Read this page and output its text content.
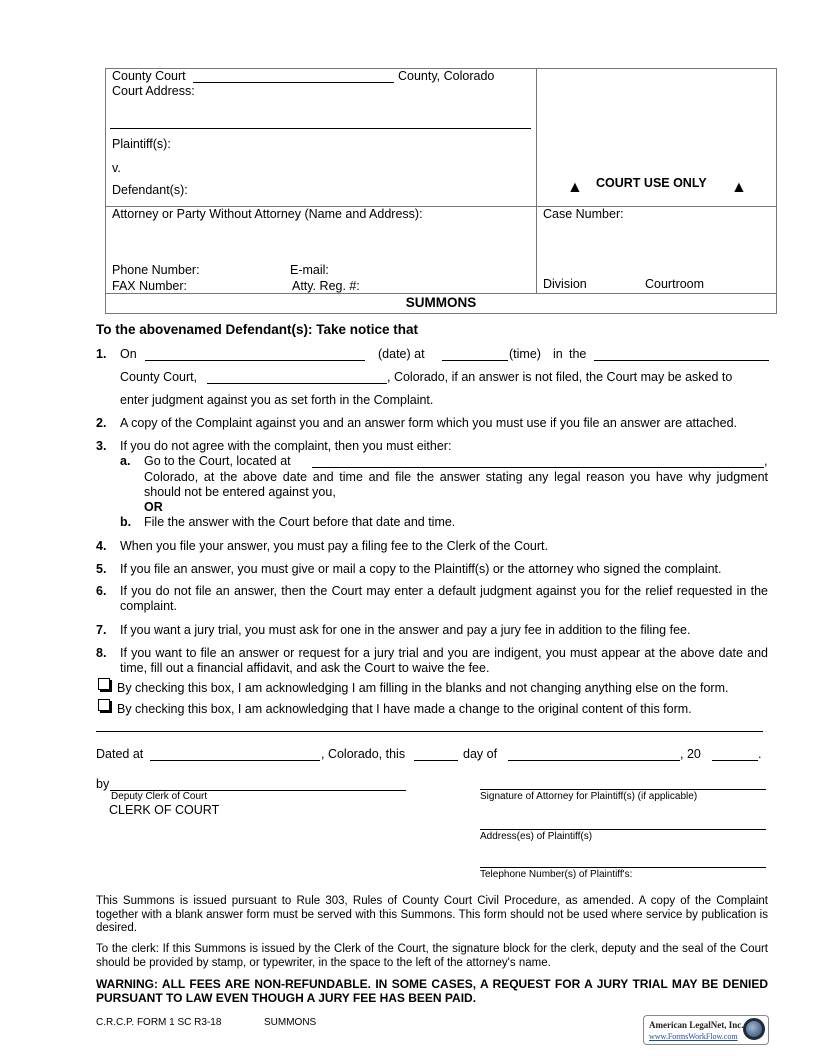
County Court	County, Colorado
Court Address:
Plaintiff(s):
v.
Defendant(s):	▲ COURT USE ONLY ▲
Attorney or Party Without Attorney (Name and Address):
Phone Number:	E-mail:
FAX Number:	Atty. Reg. #:
Case Number:
Division	Courtroom
SUMMONS
To the abovenamed Defendant(s): Take notice that
1. On	(date) at	(time) in the
County Court,	, Colorado, if an answer is not filed, the Court may be asked to
enter judgment against you as set forth in the Complaint.
2. A copy of the Complaint against you and an answer form which you must use if you file an answer are attached.
3. If you do not agree with the complaint, then you must either:
a. Go to the Court, located at	,
Colorado, at the above date and time and file the answer stating any legal reason you have why judgment should not be entered against you,
OR
b. File the answer with the Court before that date and time.
4. When you file your answer, you must pay a filing fee to the Clerk of the Court.
5. If you file an answer, you must give or mail a copy to the Plaintiff(s) or the attorney who signed the complaint.
6. If you do not file an answer, then the Court may enter a default judgment against you for the relief requested in the complaint.
7. If you want a jury trial, you must ask for one in the answer and pay a jury fee in addition to the filing fee.
8. If you want to file an answer or request for a jury trial and you are indigent, you must appear at the above date and time, fill out a financial affidavit, and ask the Court to waive the fee.
By checking this box, I am acknowledging I am filling in the blanks and not changing anything else on the form.
By checking this box, I am acknowledging that I have made a change to the original content of this form.
Dated at	, Colorado, this	day of	, 20	.
by
Deputy Clerk of Court
CLERK OF COURT
Signature of Attorney for Plaintiff(s) (if applicable)
Address(es) of Plaintiff(s)
Telephone Number(s) of Plaintiff's:
This Summons is issued pursuant to Rule 303, Rules of County Court Civil Procedure, as amended. A copy of the Complaint together with a blank answer form must be served with this Summons. This form should not be used where service by publication is desired.
To the clerk: If this Summons is issued by the Clerk of the Court, the signature block for the clerk, deputy and the seal of the Court should be provided by stamp, or typewriter, in the space to the left of the attorney's name.
WARNING: ALL FEES ARE NON-REFUNDABLE. IN SOME CASES, A REQUEST FOR A JURY TRIAL MAY BE DENIED PURSUANT TO LAW EVEN THOUGH A JURY FEE HAS BEEN PAID.
C.R.C.P. FORM 1 SC R3-18	SUMMONS	American LegalNet, Inc.
www.FormsWorkFlow.com
